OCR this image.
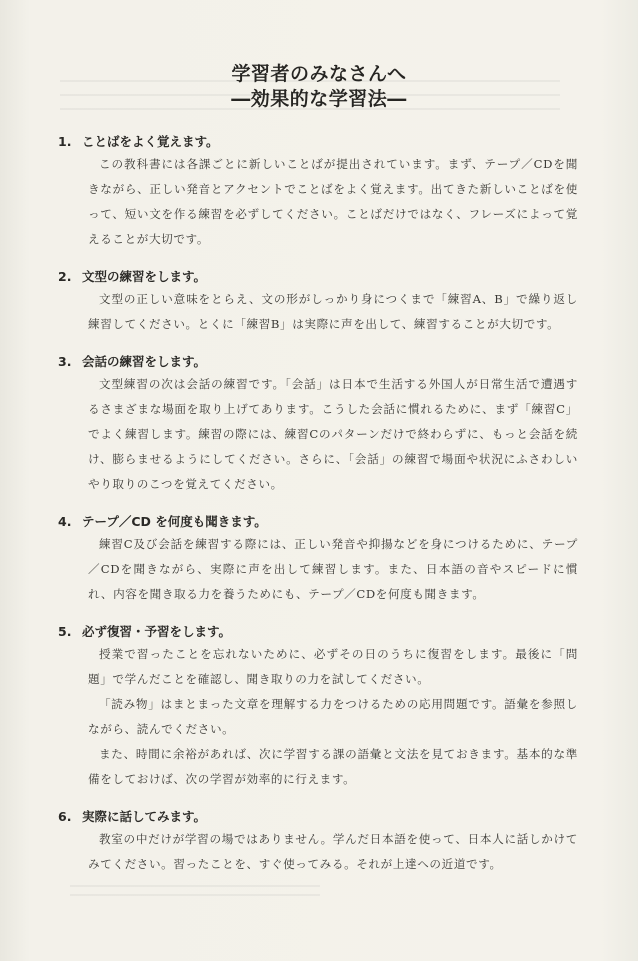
学習者のみなさんへ
―効果的な学習法―
1. ことばをよく覚えます。
この教科書には各課ごとに新しいことばが提出されています。まず、テープ／CDを聞きながら、正しい発音とアクセントでことばをよく覚えます。出てきた新しいことばを使って、短い文を作る練習を必ずしてください。ことばだけではなく、フレーズによって覚えることが大切です。
2. 文型の練習をします。
文型の正しい意味をとらえ、文の形がしっかり身につくまで「練習A、B」で繰り返し練習してください。とくに「練習B」は実際に声を出して、練習することが大切です。
3. 会話の練習をします。
文型練習の次は会話の練習です。「会話」は日本で生活する外国人が日常生活で遭遇するさまざまな場面を取り上げてあります。こうした会話に慣れるために、まず「練習C」でよく練習します。練習の際には、練習Cのパターンだけで終わらずに、もっと会話を続け、膨らませるようにしてください。さらに、「会話」の練習で場面や状況にふさわしいやり取りのこつを覚えてください。
4. テープ／CD を何度も聞きます。
練習C及び会話を練習する際には、正しい発音や抑揚などを身につけるために、テープ／CDを聞きながら、実際に声を出して練習します。また、日本語の音やスピードに慣れ、内容を聞き取る力を養うためにも、テープ／CDを何度も聞きます。
5. 必ず復習・予習をします。
授業で習ったことを忘れないために、必ずその日のうちに復習をします。最後に「問題」で学んだことを確認し、聞き取りの力を試してください。
「読み物」はまとまった文章を理解する力をつけるための応用問題です。語彙を参照しながら、読んでください。
また、時間に余裕があれば、次に学習する課の語彙と文法を見ておきます。基本的な準備をしておけば、次の学習が効率的に行えます。
6. 実際に話してみます。
教室の中だけが学習の場ではありません。学んだ日本語を使って、日本人に話しかけてみてください。習ったことを、すぐ使ってみる。それが上達への近道です。
